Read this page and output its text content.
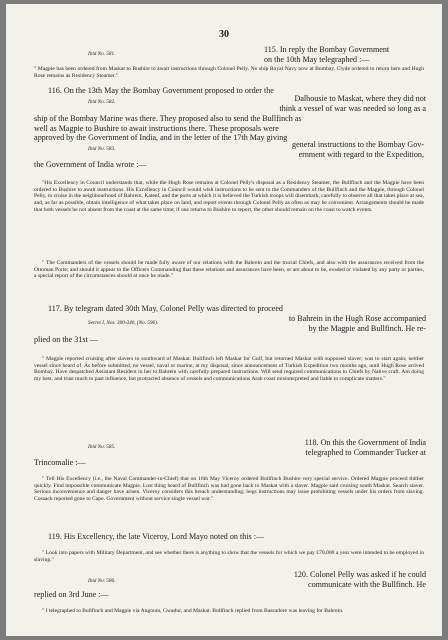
30
Ibid No. 581.	115. In reply the Bombay Government
on the 10th May telegraphed :—
" Magpie has been ordered from Maskat to Bushire to await instructions through Colonel Pelly. No ship Royal Navy now at Bombay. Clyde ordered to return here and Hugh Rose remains as Residency Steamer."
116. On the 13th May the Bombay Government proposed to order the
Ibid No. 582.	Dalhousie to Maskat, where they did not
think a vessel of war was needed so long as a
ship of the Bombay Marine was there. They proposed also to send the Bullfinch as
well as Magpie to Bushire to await instructions there. These proposals were
approved by the Government of India, and in the letter of the 17th May giving
Ibid No. 583.	general instructions to the Bombay Gov-
ernment with regard to the Expedition,
the Government of India wrote :—
"His Excellency in Council understands that, while the Hugh Rose remains at Colonel Pelly's disposal as a Residency Steamer, the Bullfinch and the Magpie have been ordered to Bushire to await instructions. His Excellency in Council would wish instructions to be sent to the Commanders of the Bullfinch and the Magpie, through Colonel Pelly, to cruise in the neighbourhood of Bahrein, Kateef, and the ports at which it is believed the Turkish troops will disembark, carefully to observe all that takes place at sea, and, as far as possible, obtain intelligence of what takes place on land, and report events through Colonel Pelly as often as may be convenient. Arrangements should be made that both vessels be not absent from the coast at the same time; if one returns to Bushire to report, the other should remain on the coast to watch events.
" The Commanders of the vessels should be made fully aware of our relations with the Bahrein and the trucial Chiefs, and also with the assurances received from the Ottoman Porte; and should it appear to the Officers Commanding that these relations and assurances have been, or are about to be, evaded or violated by any party or parties, a special report of the circumstances should at once be made."
117. By telegram dated 30th May, Colonel Pelly was directed to proceed
Secret I, Nos. 300-340, (No. 596).	to Bahrein in the Hugh Rose accompanied
by the Magpie and Bullfinch. He re-
plied on the 31st —
" Magpie reported cruising after slavers to southward of Maskat. Bullfinch left Maskat for Gulf, but returned Maskat with supposed slaver; was to start again; neither vessel since heard of. As before submitted, no vessel, naval or marine, at my disposal, since announcement of Turkish Expedition two months ago, until Hugh Rose arrived Bombay. Have despatched Assistant Resident in her to Bahrein with carefully prepared instructions. Will send required communications to Chiefs by Native craft. Am doing my best, and trust much to past influence, but protracted absence of vessels and communications Arab coast misinterpreted and liable to complicate matters."
Ibid No. 585.	118. On this the Government of India
telegraphed to Commander Tucker at
Trincomalie :—
" Tell His Excellency (i.e., the Naval Commander-in-Chief) that on 16th May Viceroy ordered Bullfinch Bushire very special service. Ordered Magpie proceed thither quickly. Find impossible communicate Magpie. Lost thing heard of Bullfinch was had gone back to Maskat with a slaver. Magpie said cruising south Maskat. Search slaver. Serious inconvenience and danger have arisen. Viceroy considers this breach understanding; begs instructions may issue prohibiting vessels under his orders from slaving. Cossack reported gone to Cape. Government without service single vessel war."
119. His Excellency, the late Viceroy, Lord Mayo noted on this :—
" Look into papers with Military Department, and see whether there is anything to show that the vessels for which we pay £70,000 a year were intended to be employed in slaving."
Ibid No. 586.
120. Colonel Pelly was asked if he could
communicate with the Bullfinch. He
replied on 3rd June :—
" I telegraphed to Bullfinch and Magpie via Angoum, Gwadur, and Maskat. Bullfinch replied from Bassadore was leaving for Bahrein.
